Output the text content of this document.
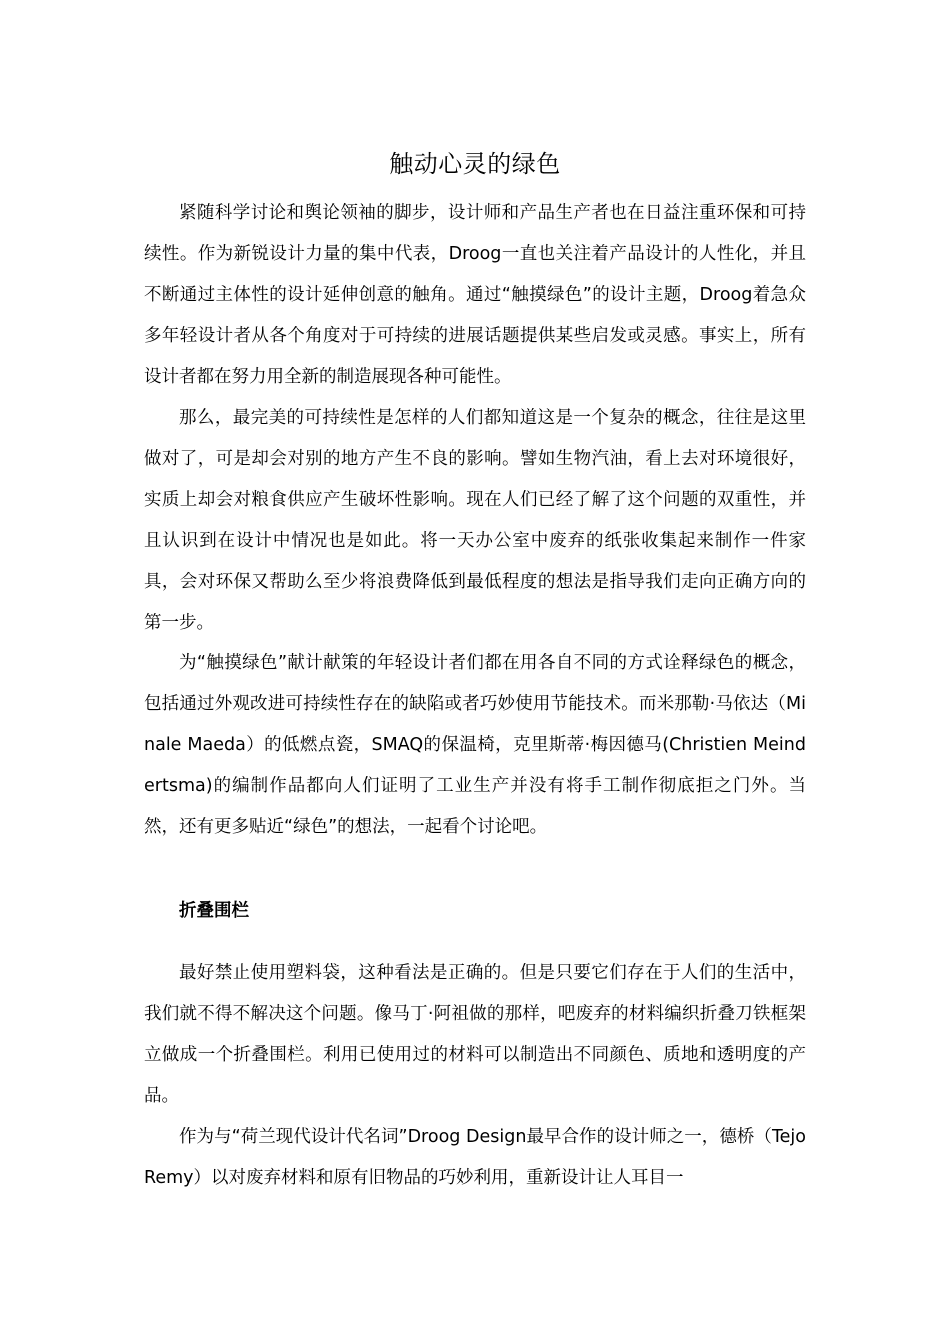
触动心灵的绿色

紧随科学讨论和舆论领袖的脚步，设计师和产品生产者也在日益注重环保和可持续性。作为新锐设计力量的集中代表，Droog一直也关注着产品设计的人性化，并且不断通过主体性的设计延伸创意的触角。通过“触摸绿色”的设计主题，Droog着急众多年轻设计者从各个角度对于可持续的进展话题提供某些启发或灵感。事实上，所有设计者都在努力用全新的制造展现各种可能性。

那么，最完美的可持续性是怎样的人们都知道这是一个复杂的概念，往往是这里做对了，可是却会对别的地方产生不良的影响。譬如生物汽油，看上去对环境很好，实质上却会对粮食供应产生破坏性影响。现在人们已经了解了这个问题的双重性，并且认识到在设计中情况也是如此。将一天办公室中废弃的纸张收集起来制作一件家具，会对环保又帮助么至少将浪费降低到最低程度的想法是指导我们走向正确方向的第一步。

为“触摸绿色”献计献策的年轻设计者们都在用各自不同的方式诠释绿色的概念，包括通过外观改进可持续性存在的缺陷或者巧妙使用节能技术。而米那勒·马依达（Minale Maeda）的低燃点瓷，SMAQ的保温椅，克里斯蒂·梅因德马(Christien Meindertsma)的编制作品都向人们证明了工业生产并没有将手工制作彻底拒之门外。当然，还有更多贴近“绿色”的想法，一起看个讨论吧。

折叠围栏

最好禁止使用塑料袋，这种看法是正确的。但是只要它们存在于人们的生活中，我们就不得不解决这个问题。像马丁·阿祖做的那样，吧废弃的材料编织折叠刀铁框架立做成一个折叠围栏。利用已使用过的材料可以制造出不同颜色、质地和透明度的产品。

作为与“荷兰现代设计代名词”Droog Design最早合作的设计师之一，德桥（Tejo Remy）以对废弃材料和原有旧物品的巧妙利用，重新设计让人耳目一
